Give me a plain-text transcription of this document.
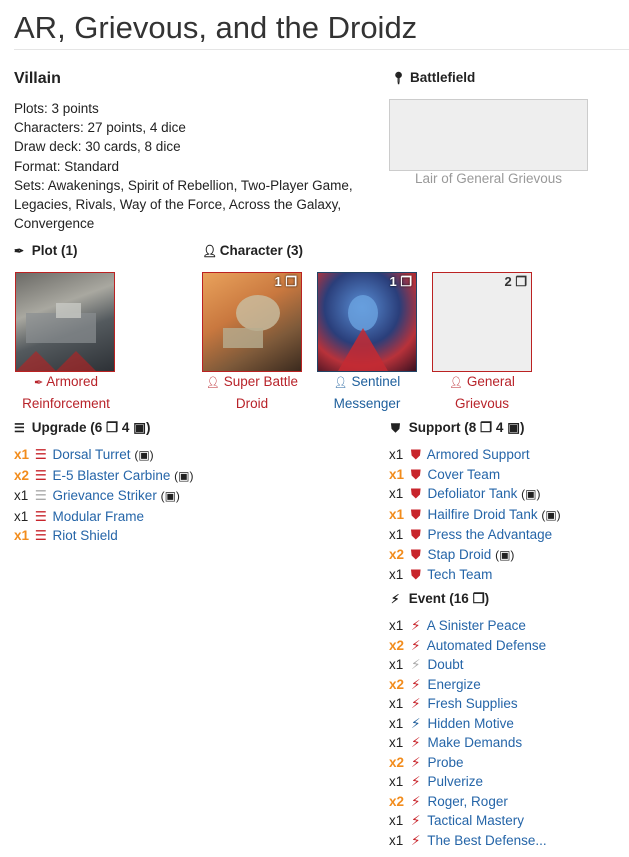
AR, Grievous, and the Droidz
Villain
Plots: 3 points
Characters: 27 points, 4 dice
Draw deck: 30 cards, 8 dice
Format: Standard
Sets: Awakenings, Spirit of Rebellion, Two-Player Game, Legacies, Rivals, Way of the Force, Across the Galaxy, Convergence
📍︎ Battlefield
Lair of General Grievous
✒ Plot (1)
✒ Armored Reinforcement
👤︎ Character (3)
1 ❐
👤︎ Super Battle Droid
1 ❐
👤︎ Sentinel Messenger
2 ❐
👤︎ General Grievous
☰ Upgrade (6 ❐ 4 ▣)
x1 ☰ Dorsal Turret (▣)
x2 ☰ E-5 Blaster Carbine (▣)
x1 ☰ Grievance Striker (▣)
x1 ☰ Modular Frame
x1 ☰ Riot Shield
⛊ Support (8 ❐ 4 ▣)
x1 ⛊ Armored Support
x1 ⛊ Cover Team
x1 ⛊ Defoliator Tank (▣)
x1 ⛊ Hailfire Droid Tank (▣)
x1 ⛊ Press the Advantage
x2 ⛊ Stap Droid (▣)
x1 ⛊ Tech Team
⚡︎ Event (16 ❐)
x1 ⚡︎ A Sinister Peace
x2 ⚡︎ Automated Defense
x1 ⚡︎ Doubt
x2 ⚡︎ Energize
x1 ⚡︎ Fresh Supplies
x1 ⚡︎ Hidden Motive
x1 ⚡︎ Make Demands
x2 ⚡︎ Probe
x1 ⚡︎ Pulverize
x2 ⚡︎ Roger, Roger
x1 ⚡︎ Tactical Mastery
x1 ⚡︎ The Best Defense...
